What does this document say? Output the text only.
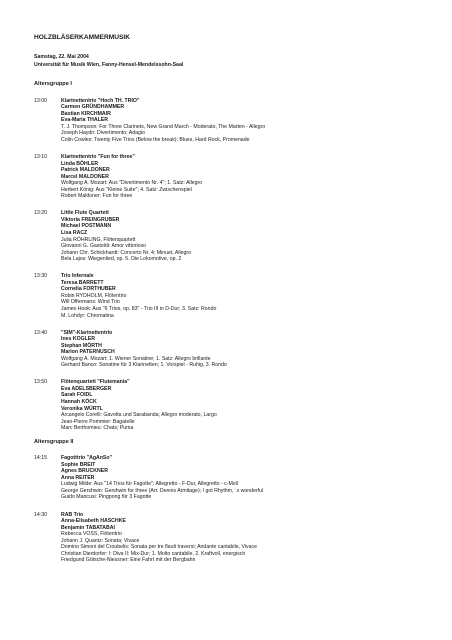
HOLZBLÄSERKAMMERMUSIK
Samstag, 22. Mai 2004
Universität für Musik Wien, Fanny-Hensel-Mendelssohn-Saal
Altersgruppe I
13:00	Klarinettentrio "Hoch TH. TRIO"
Carmen GRÜNDHAMMER
Bastian KIRCHMAIR
Eva-Maria THALER
T. J. Thompson: For Three Clarinets, New Grand March - Moderato, The Marten - Allegro
Joseph Haydn: Divertimento; Adagio
Colin Cowles: Twenty Five Trios (Below the break); Blues, Hard Rock, Promenade
13:10	Klarinettentrio "Fun for three"
Linda BÖHLER
Patrick MALDONER
Marcel MALDONER
Wolfgang A. Mozart: Aus "Divertimento Nr. 4"; 1. Satz: Allegro
Herbert König: Aus "Kleine Suite"; 4. Satz: Zwischenspiel
Robert Maldoner: Fun for three
13:20	Little Flute Quartett
Viktoria FREINGRUBER
Michael POSTMANN
Lisa RACZ
Julia RÖHRLING, Flötenquartett
Giovanni G. Gastoldi: Amor vittorioso
Johann Chr. Schickhardt: Concerto Nr. 4; Minuet, Allegro
Bela Lajos: Wiegenlied, op. 5. Die Lokomotive, op. 2
13:30	Trio Infernale
Teresa BARRETT
Cornelia FORTHUBER
Robin RYDHOLM, Flötentrio
Will Offermans: Wind Trio
James Hook: Aus "6 Trios, op. 83" - Trio III in D-Dur; 3. Satz: Rondo
M. Lohdyr: Chromatina
13:40	"SIM"-Klarinettentrio
Ines KOGLER
Stephan MÖRTH
Marion PATERNUSCH
Wolfgang A. Mozart: 1. Wiener Sonatine; 1. Satz: Allegro brillante
Gerhard Banco: Sonatine für 3 Klarinetten; 1. Vorspiel - Ruhig, 3. Rondo
13:50	Flötenquartett "Flutemania"
Eva ADELSBERGER
Sarah FOIDL
Hannah KÖCK
Veronika WÜRTL
Arcangelo Corelli: Gavotta und Sarabanda; Allegro moderato, Largo
Jean-Pierre Pommier: Bagatelle
Marc Berthomieu: Chats; Puma
Altersgruppe II
14:15	Fagotttrio "AgAnSo"
Sophie BREIT
Agnes BRUCKNER
Anna REITER
Ludwig Milde: Aus "14 Trios für Fagotte"; Allegretto - F-Dur, Allegretto - c-Moll
George Gershwin: Gershwin for three (Arr. Dennis Armitage); I got Rhythm, ´s wonderful
Guido Mancusi: Pingpong für 3 Fagotte
14:30	RAB Trio
Anna-Elisabeth HASCHKE
Benjamin TABATABAI
Rebecca VOSS, Flötentrio
Johann J. Quantz: Sonata; Vivace
Domino Simoni del Croubelis: Sonata per tre flauti traversi; Andante cantabile, Vivace
Christian Dierdorfer: I: Diva II: Mix-Dur; 1. Molto cantabile, 2. Kraftvoll, energisch
Friedgund Götsche-Niessner: Eine Fahrt mit der Bergbahn
